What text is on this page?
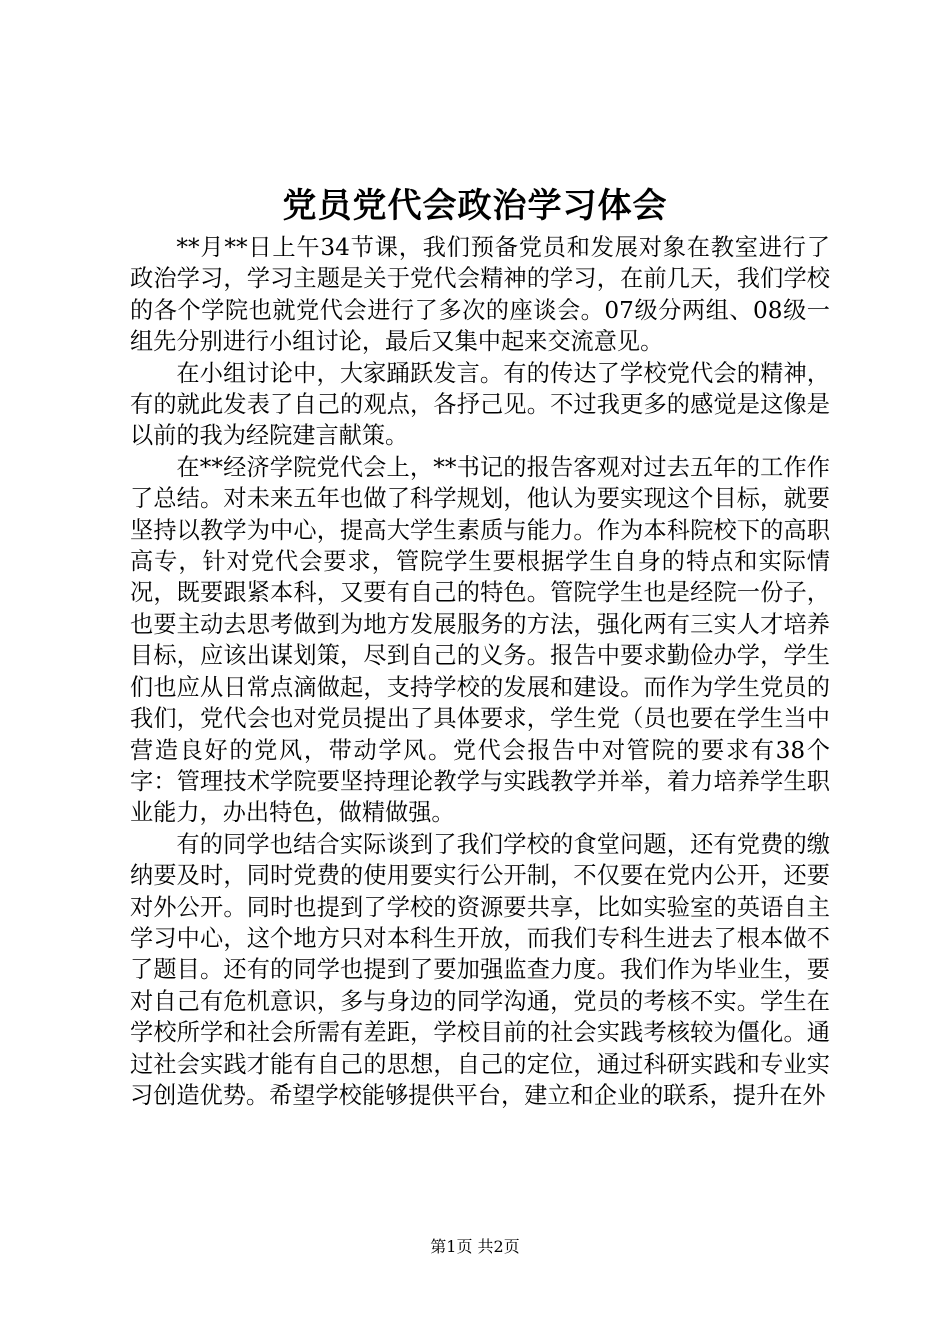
党员党代会政治学习体会

**月**日上午34节课，我们预备党员和发展对象在教室进行了政治学习，学习主题是关于党代会精神的学习，在前几天，我们学校的各个学院也就党代会进行了多次的座谈会。07级分两组、08级一组先分别进行小组讨论，最后又集中起来交流意见。

在小组讨论中，大家踊跃发言。有的传达了学校党代会的精神，有的就此发表了自己的观点，各抒己见。不过我更多的感觉是这像是以前的我为经院建言献策。

在**经济学院党代会上，**书记的报告客观对过去五年的工作作了总结。对未来五年也做了科学规划，他认为要实现这个目标，就要坚持以教学为中心，提高大学生素质与能力。作为本科院校下的高职高专，针对党代会要求，管院学生要根据学生自身的特点和实际情况，既要跟紧本科，又要有自己的特色。管院学生也是经院一份子，也要主动去思考做到为地方发展服务的方法，强化两有三实人才培养目标，应该出谋划策，尽到自己的义务。报告中要求勤俭办学，学生们也应从日常点滴做起，支持学校的发展和建设。而作为学生党员的我们，党代会也对党员提出了具体要求，学生党（员也要在学生当中营造良好的党风，带动学风。党代会报告中对管院的要求有38个字：管理技术学院要坚持理论教学与实践教学并举，着力培养学生职业能力，办出特色，做精做强。

有的同学也结合实际谈到了我们学校的食堂问题，还有党费的缴纳要及时，同时党费的使用要实行公开制，不仅要在党内公开，还要对外公开。同时也提到了学校的资源要共享，比如实验室的英语自主学习中心，这个地方只对本科生开放，而我们专科生进去了根本做不了题目。还有的同学也提到了要加强监查力度。我们作为毕业生，要对自己有危机意识，多与身边的同学沟通，党员的考核不实。学生在学校所学和社会所需有差距，学校目前的社会实践考核较为僵化。通过社会实践才能有自己的思想，自己的定位，通过科研实践和专业实习创造优势。希望学校能够提供平台，建立和企业的联系，提升在外

第1页 共2页
